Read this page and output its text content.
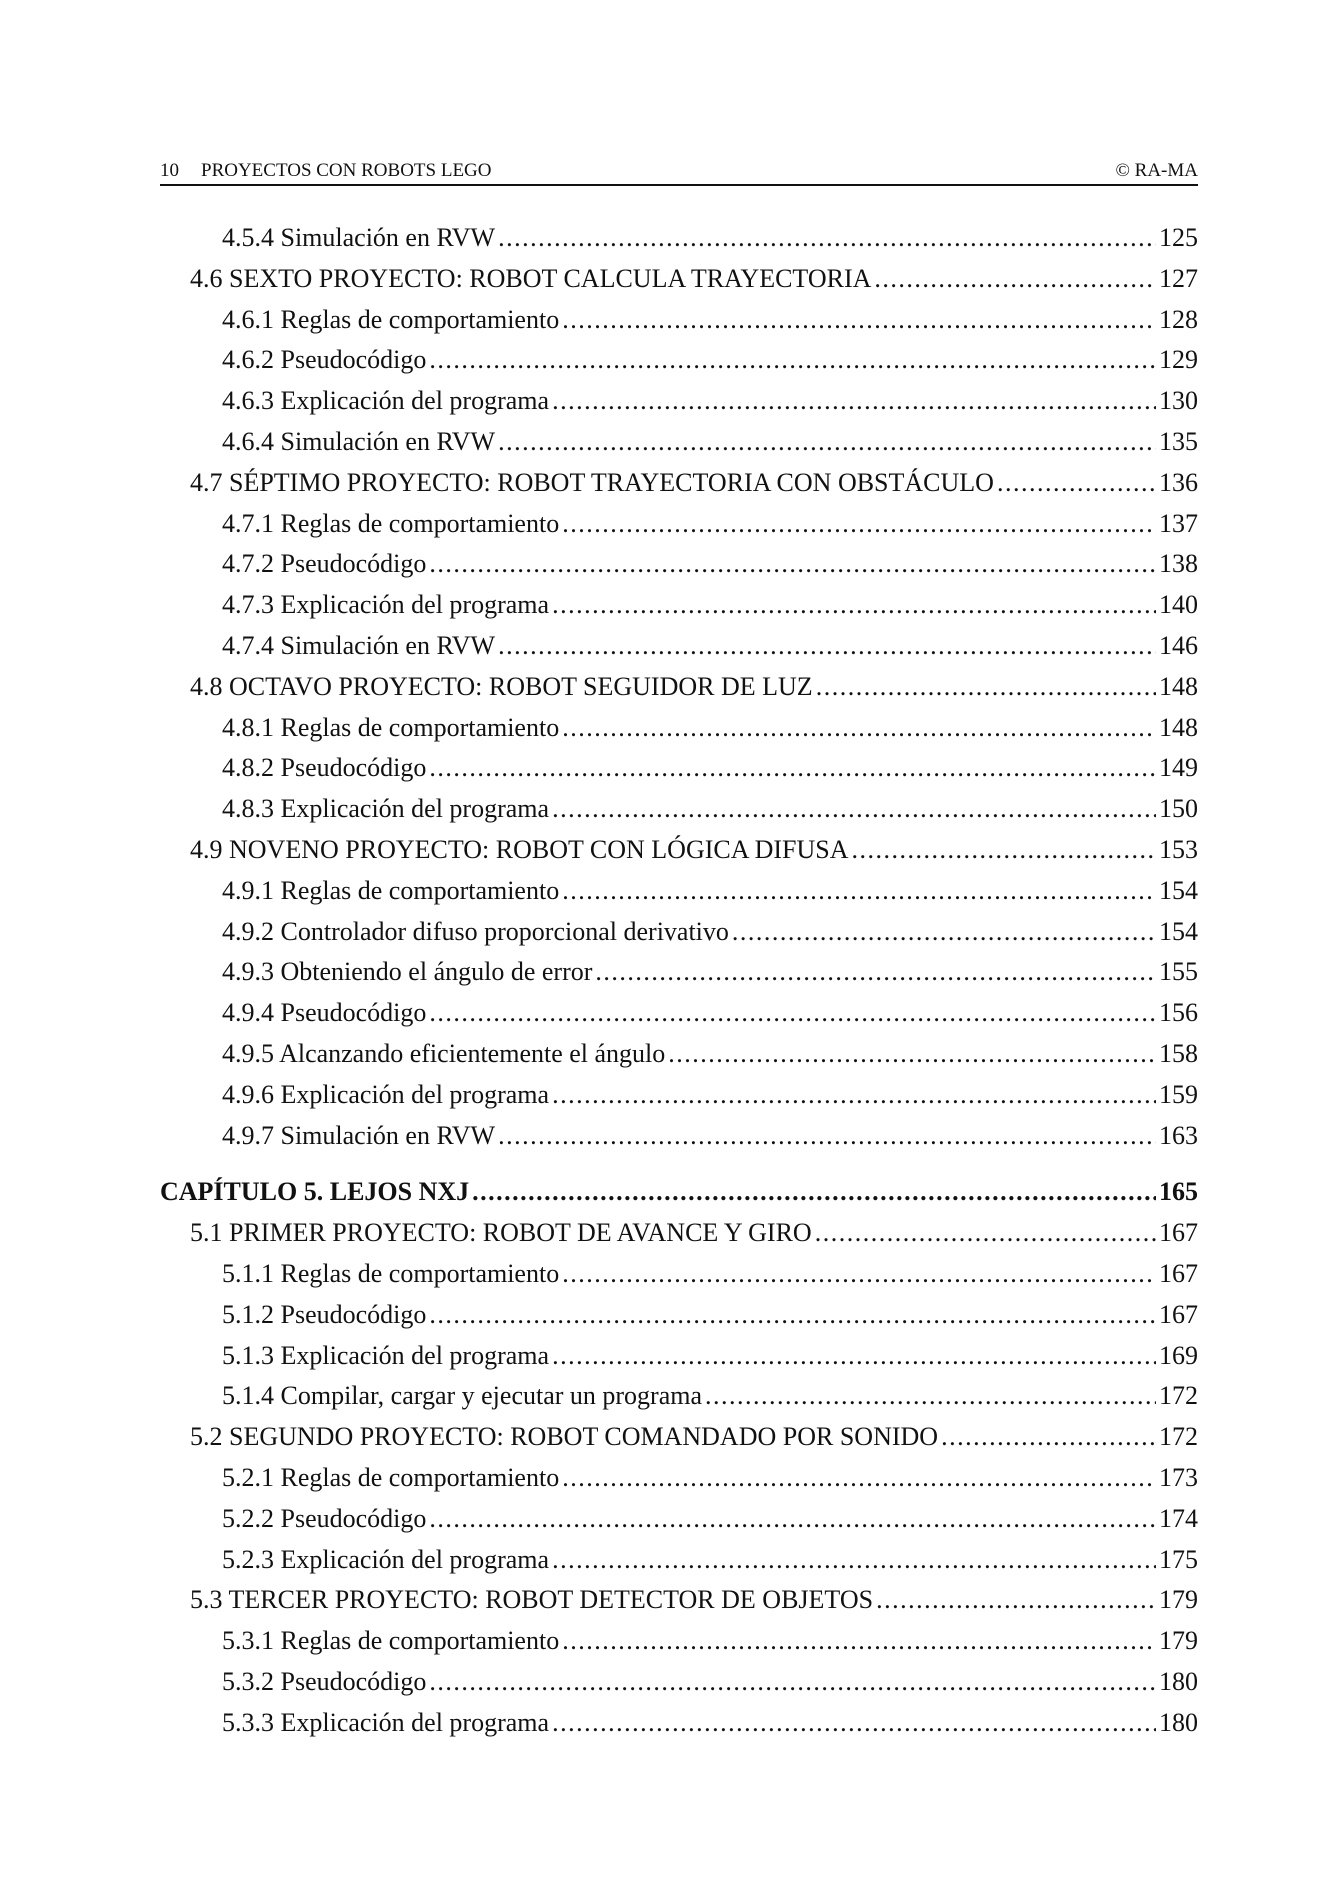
10 PROYECTOS CON ROBOTS LEGO	© RA-MA
4.5.4 Simulación en RVW .....	125
4.6 SEXTO PROYECTO: ROBOT CALCULA TRAYECTORIA .....	127
4.6.1 Reglas de comportamiento .....	128
4.6.2 Pseudocódigo .....	129
4.6.3 Explicación del programa .....	130
4.6.4 Simulación en RVW .....	135
4.7 SÉPTIMO PROYECTO: ROBOT TRAYECTORIA CON OBSTÁCULO .....	136
4.7.1 Reglas de comportamiento .....	137
4.7.2 Pseudocódigo .....	138
4.7.3 Explicación del programa .....	140
4.7.4 Simulación en RVW .....	146
4.8 OCTAVO PROYECTO: ROBOT SEGUIDOR DE LUZ .....	148
4.8.1 Reglas de comportamiento .....	148
4.8.2 Pseudocódigo .....	149
4.8.3 Explicación del programa .....	150
4.9 NOVENO PROYECTO: ROBOT CON LÓGICA DIFUSA .....	153
4.9.1 Reglas de comportamiento .....	154
4.9.2 Controlador difuso proporcional derivativo .....	154
4.9.3 Obteniendo el ángulo de error .....	155
4.9.4 Pseudocódigo .....	156
4.9.5 Alcanzando eficientemente el ángulo .....	158
4.9.6 Explicación del programa .....	159
4.9.7 Simulación en RVW .....	163
CAPÍTULO 5. LEJOS NXJ .....	165
5.1 PRIMER PROYECTO: ROBOT DE AVANCE Y GIRO .....	167
5.1.1 Reglas de comportamiento .....	167
5.1.2 Pseudocódigo .....	167
5.1.3 Explicación del programa .....	169
5.1.4 Compilar, cargar y ejecutar un programa .....	172
5.2 SEGUNDO PROYECTO: ROBOT COMANDADO POR SONIDO .....	172
5.2.1 Reglas de comportamiento .....	173
5.2.2 Pseudocódigo .....	174
5.2.3 Explicación del programa .....	175
5.3 TERCER PROYECTO: ROBOT DETECTOR DE OBJETOS .....	179
5.3.1 Reglas de comportamiento .....	179
5.3.2 Pseudocódigo .....	180
5.3.3 Explicación del programa .....	180
